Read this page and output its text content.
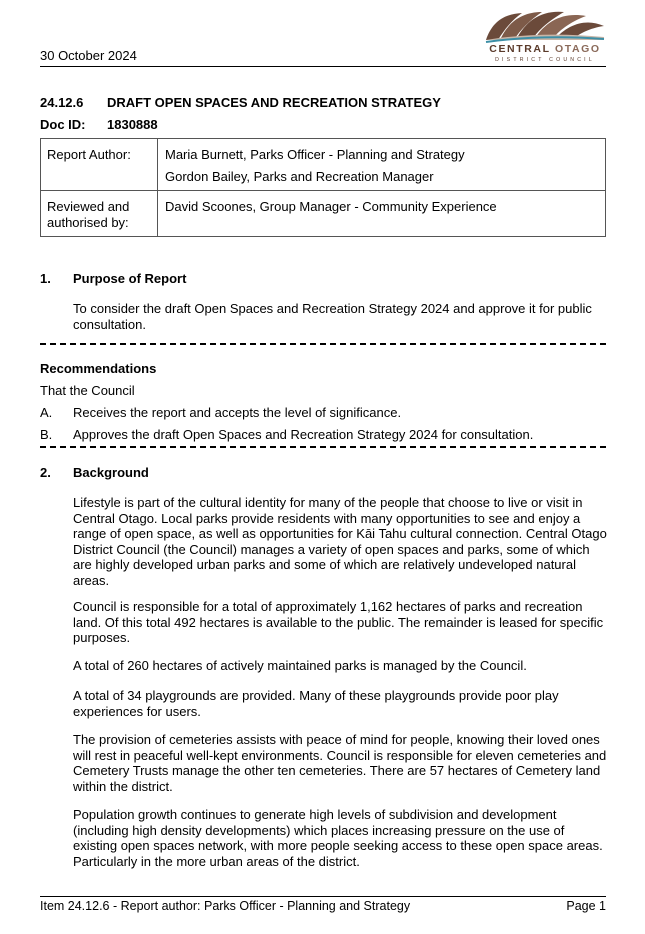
30 October 2024	CENTRAL OTAGO
DISTRICT COUNCIL
24.12.6 DRAFT OPEN SPACES AND RECREATION STRATEGY
Doc ID: 1830888
Report Author:	Maria Burnett, Parks Officer - Planning and Strategy
Gordon Bailey, Parks and Recreation Manager

Reviewed and authorised by:	David Scoones, Group Manager - Community Experience
1. Purpose of Report
To consider the draft Open Spaces and Recreation Strategy 2024 and approve it for public consultation.
Recommendations
That the Council
A. Receives the report and accepts the level of significance.
B. Approves the draft Open Spaces and Recreation Strategy 2024 for consultation.
2. Background
Lifestyle is part of the cultural identity for many of the people that choose to live or visit in Central Otago. Local parks provide residents with many opportunities to see and enjoy a range of open space, as well as opportunities for Kāi Tahu cultural connection. Central Otago District Council (the Council) manages a variety of open spaces and parks, some of which are highly developed urban parks and some of which are relatively undeveloped natural areas.
Council is responsible for a total of approximately 1,162 hectares of parks and recreation land. Of this total 492 hectares is available to the public. The remainder is leased for specific purposes.
A total of 260 hectares of actively maintained parks is managed by the Council.
A total of 34 playgrounds are provided. Many of these playgrounds provide poor play experiences for users.
The provision of cemeteries assists with peace of mind for people, knowing their loved ones will rest in peaceful well-kept environments. Council is responsible for eleven cemeteries and Cemetery Trusts manage the other ten cemeteries. There are 57 hectares of Cemetery land within the district.
Population growth continues to generate high levels of subdivision and development (including high density developments) which places increasing pressure on the use of existing open spaces network, with more people seeking access to these open space areas. Particularly in the more urban areas of the district.
Item 24.12.6 - Report author: Parks Officer - Planning and Strategy	Page 1
